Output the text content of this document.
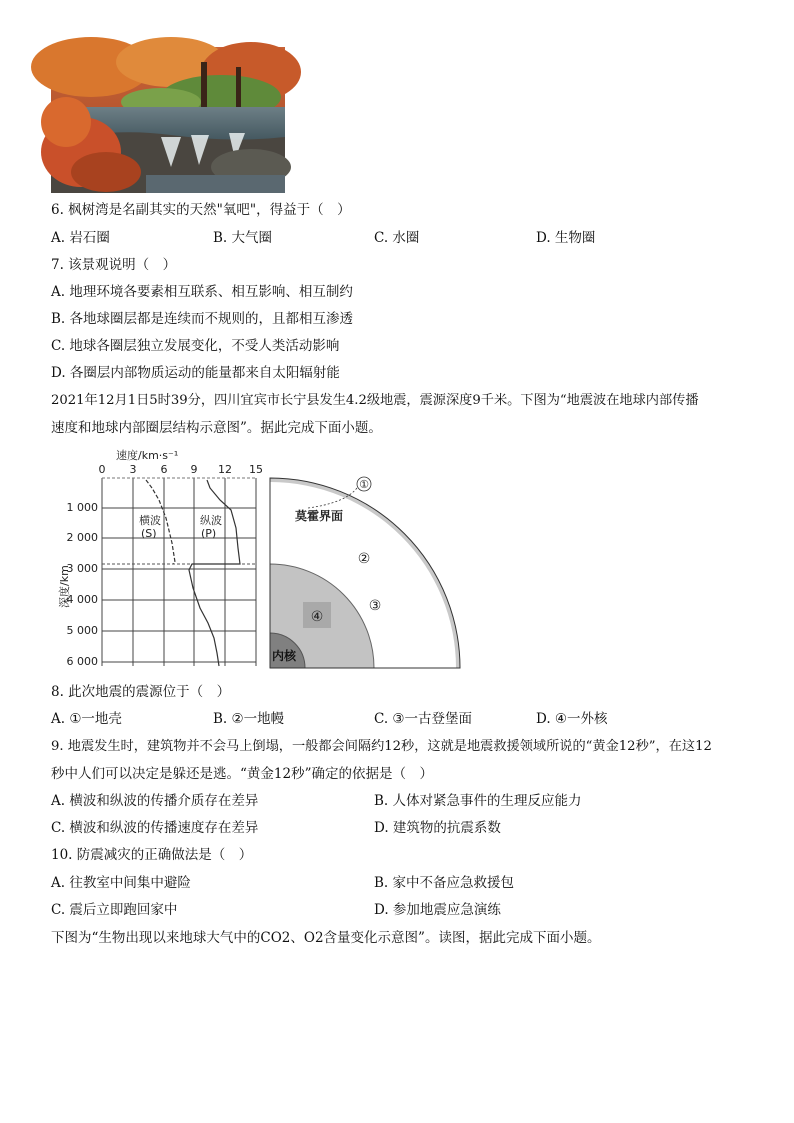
6. 枫树湾是名副其实的天然"氧吧"，得益于（　）
A. 岩石圈	B. 大气圈	C. 水圈	D. 生物圈
7. 该景观说明（　）
A. 地理环境各要素相互联系、相互影响、相互制约
B. 各地球圈层都是连续而不规则的，且都相互渗透
C. 地球各圈层独立发展变化，不受人类活动影响
D. 各圈层内部物质运动的能量都来自太阳辐射能
2021年12月1日5时39分，四川宜宾市长宁县发生4.2级地震，震源深度9千米。下图为“地震波在地球内部传播
速度和地球内部圈层结构示意图”。据此完成下面小题。
速度/km·s⁻¹
0 3 6 9 12 15
1 000
2 000
3 000
4 000
5 000
6 000
深度/km
横波
(S)
纵波
(P)
莫霍界面
①
②
③
④
内核
8. 此次地震的震源位于（　）
A. ①一地壳	B. ②一地幔	C. ③一古登堡面	D. ④一外核
9. 地震发生时，建筑物并不会马上倒塌，一般都会间隔约12秒，这就是地震救援领域所说的“黄金12秒”，在这12
秒中人们可以决定是躲还是逃。“黄金12秒”确定的依据是（　）
A. 横波和纵波的传播介质存在差异	B. 人体对紧急事件的生理反应能力
C. 横波和纵波的传播速度存在差异	D. 建筑物的抗震系数
10. 防震减灾的正确做法是（　）
A. 往教室中间集中避险	B. 家中不备应急救援包
C. 震后立即跑回家中	D. 参加地震应急演练
下图为“生物出现以来地球大气中的CO2、O2含量变化示意图”。读图，据此完成下面小题。
